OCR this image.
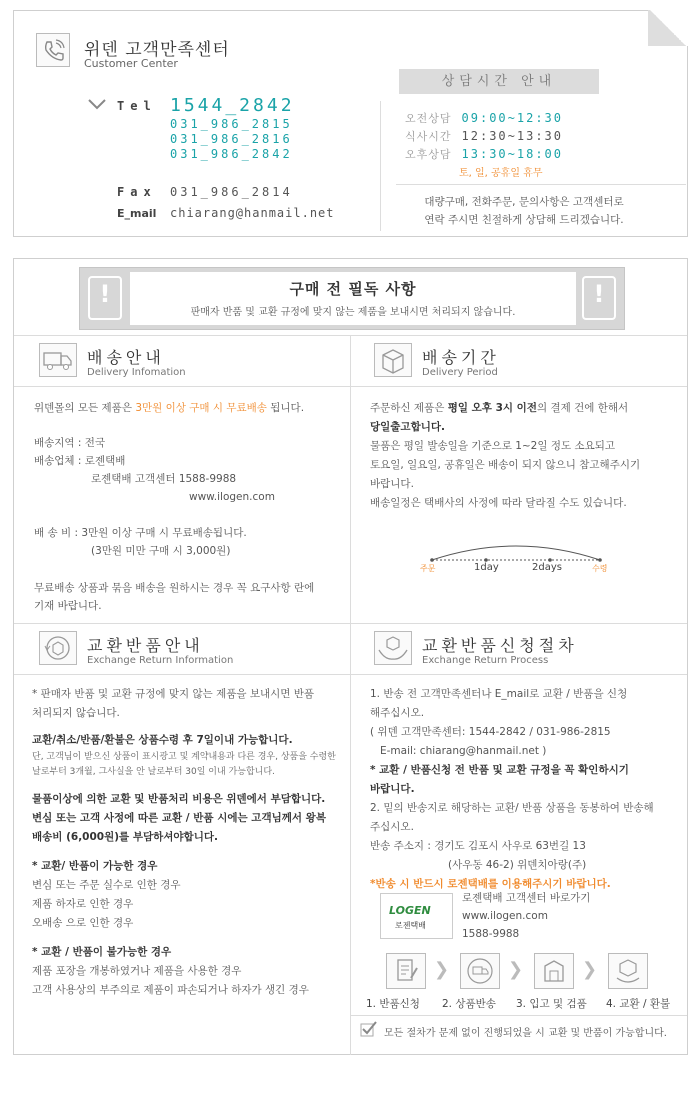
위덴 고객만족센터
Customer Center
Tel 1544_2842
031_986_2815
031_986_2816
031_986_2842
Fax 031_986_2814
E_mail chiarang@hanmail.net
상담시간 안내
오전상담 09:00~12:30
식사시간 12:30~13:30
오후상담 13:30~18:00
토, 일, 공휴일 휴무
대량구매, 전화주문, 문의사항은 고객센터로
연락 주시면 친절하게 상담해 드리겠습니다.
!	구매 전 필독 사항
판매자 반품 및 교환 규정에 맞지 않는 제품을 보내시면 처리되지 않습니다.
!
배송안내
Delivery Infomation
위덴몰의 모든 제품은 3만원 이상 구매 시 무료배송 됩니다.
배송지역 : 전국
배송업체 : 로젠택배
로젠택배 고객센터 1588-9988
www.ilogen.com
배 송 비 : 3만원 이상 구매 시 무료배송됩니다.
(3만원 미만 구매 시 3,000원)
무료배송 상품과 묶음 배송을 원하시는 경우 꼭 요구사항 란에
기재 바랍니다.
배송기간
Delivery Period
주문하신 제품은 평일 오후 3시 이전의 결제 건에 한해서
당일출고합니다.
물품은 평일 발송일을 기준으로 1~2일 정도 소요되고
토요일, 일요일, 공휴일은 배송이 되지 않으니 참고해주시기
바랍니다.
배송일정은 택배사의 사정에 따라 달라질 수도 있습니다.
주문	1day	2days	수령
교환반품안내
Exchange Return Information
* 판매자 반품 및 교환 규정에 맞지 않는 제품을 보내시면 반품
처리되지 않습니다.
교환/취소/반품/환불은 상품수령 후 7일이내 가능합니다.
단, 고객님이 받으신 상품이 표시광고 및 계약내용과 다른 경우, 상품을 수령한
날로부터 3개월, 그사실을 안 날로부터 30일 이내 가능합니다.
물품이상에 의한 교환 및 반품처리 비용은 위덴에서 부담합니다.
변심 또는 고객 사정에 따른 교환 / 반품 시에는 고객님께서 왕복
배송비 (6,000원)를 부담하셔야합니다.
* 교환/ 반품이 가능한 경우
변심 또는 주문 실수로 인한 경우
제품 하자로 인한 경우
오배송 으로 인한 경우
* 교환 / 반품이 불가능한 경우
제품 포장을 개봉하였거나 제품을 사용한 경우
고객 사용상의 부주의로 제품이 파손되거나 하자가 생긴 경우
교환반품신청절차
Exchange Return Process
1. 반송 전 고객만족센터나 E_mail로 교환 / 반품을 신청
해주십시오.
( 위덴 고객만족센터: 1544-2842 / 031-986-2815
E-mail: chiarang@hanmail.net )
* 교환 / 반품신청 전 반품 및 교환 규정을 꼭 확인하시기
바랍니다.
2. 밑의 반송지로 해당하는 교환/ 반품 상품을 동봉하여 반송해
주십시오.
반송 주소지 : 경기도 김포시 사우로 63번길 13
(사우동 46-2) 위덴치아랑(주)
*반송 시 반드시 로젠택배를 이용해주시기 바랍니다.
LOGEN
로젠택배
로젠택배 고객센터 바로가기
www.ilogen.com
1588-9988
❯	❯	❯
1. 반품신청 2. 상품반송 3. 입고 및 검품 4. 교환 / 환불
모든 절차가 문제 없이 진행되었을 시 교환 및 반품이 가능합니다.
